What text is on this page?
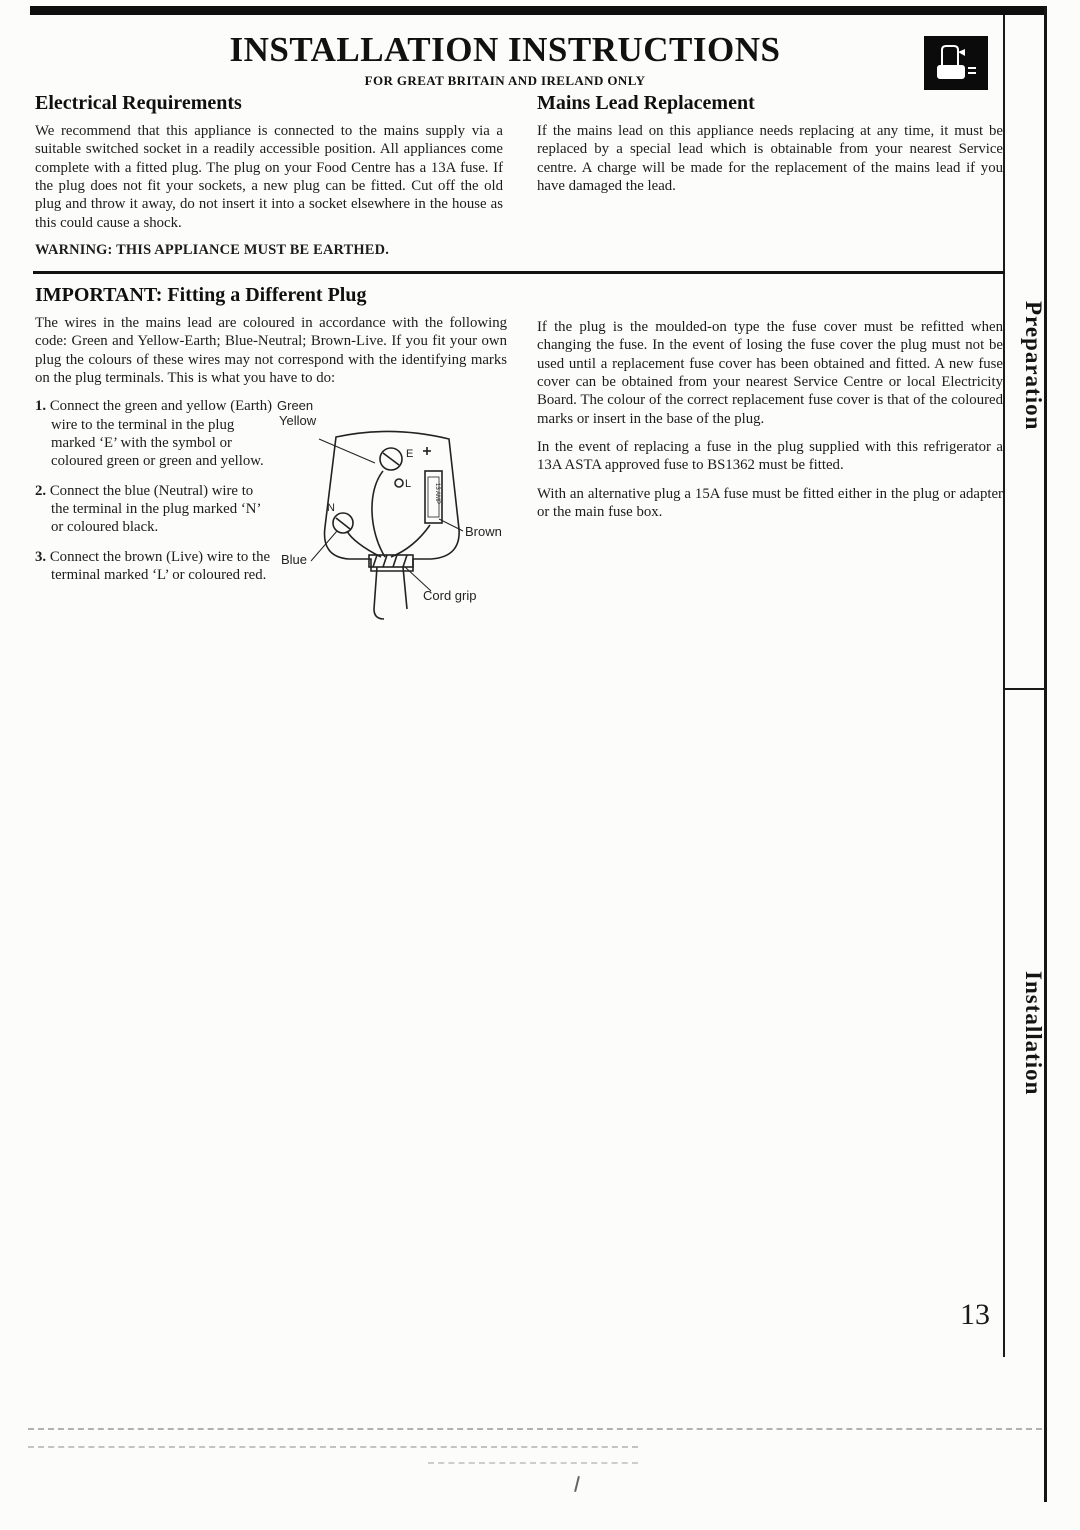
INSTALLATION INSTRUCTIONS
FOR GREAT BRITAIN AND IRELAND ONLY
Electrical Requirements

We recommend that this appliance is connected to the mains supply via a suitable switched socket in a readily accessible position. All appliances come complete with a fitted plug. The plug on your Food Centre has a 13A fuse. If the plug does not fit your sockets, a new plug can be fitted. Cut off the old plug and throw it away, do not insert it into a socket elsewhere in the house as this could cause a shock.

WARNING: THIS APPLIANCE MUST BE EARTHED.
Mains Lead Replacement

If the mains lead on this appliance needs replacing at any time, it must be replaced by a special lead which is obtainable from your nearest Service centre. A charge will be made for the replacement of the mains lead if you have damaged the lead.

IMPORTANT: Fitting a Different Plug

The wires in the mains lead are coloured in accordance with the following code: Green and Yellow-Earth; Blue-Neutral; Brown-Live. If you fit your own plug the colours of these wires may not correspond with the identifying marks on the plug terminals. This is what you have to do:

1. Connect the green and yellow (Earth) wire to the terminal in the plug marked ‘E’ with the symbol or coloured green or green and yellow.

2. Connect the blue (Neutral) wire to the terminal in the plug marked ‘N’ or coloured black.

3. Connect the brown (Live) wire to the terminal marked ‘L’ or coloured red.

E
N
L	13 AMP
Green
Yellow
Blue
Brown
Cord grip

If the plug is the moulded-on type the fuse cover must be refitted when changing the fuse. In the event of losing the fuse cover the plug must not be used until a replacement fuse cover has been obtained and fitted. A new fuse cover can be obtained from your nearest Service Centre or local Electricity Board. The colour of the correct replacement fuse cover is that of the coloured marks or insert in the base of the plug.

In the event of replacing a fuse in the plug supplied with this refrigerator a 13A ASTA approved fuse to BS1362 must be fitted.

With an alternative plug a 15A fuse must be fitted either in the plug or adapter or the main fuse box.

Preparation
Installation
13
